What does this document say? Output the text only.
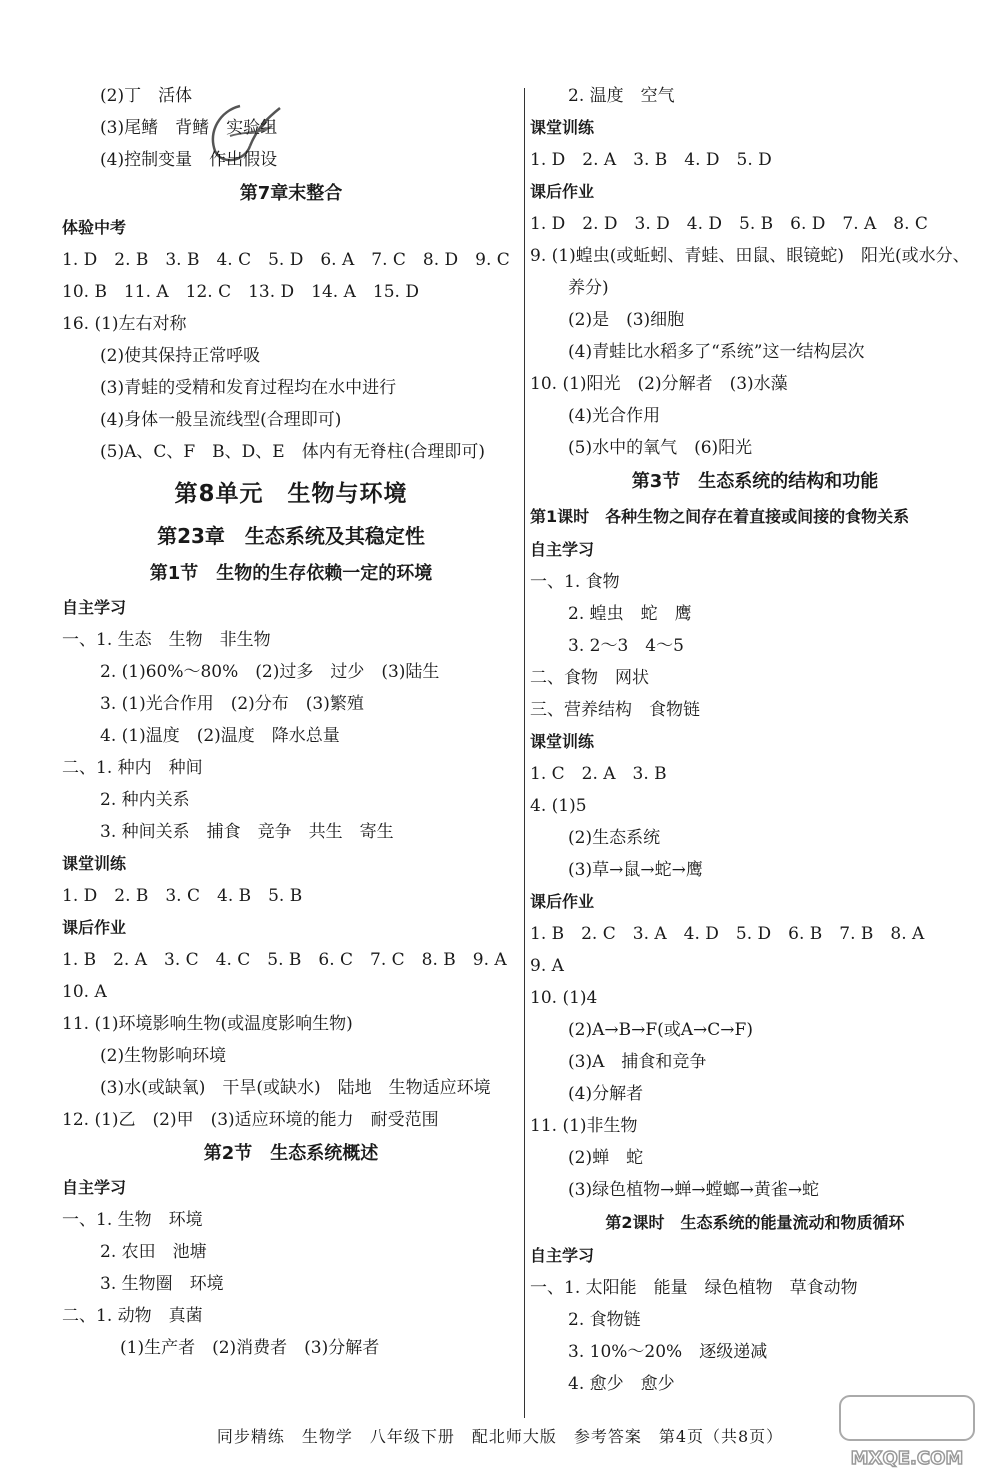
(2)丁　活体
(3)尾鳍　背鳍　实验组
(4)控制变量　作出假设
第7章末整合
体验中考
1. D　2. B　3. B　4. C　5. D　6. A　7. C　8. D　9. C
10. B　11. A　12. C　13. D　14. A　15. D
16. (1)左右对称
(2)使其保持正常呼吸
(3)青蛙的受精和发育过程均在水中进行
(4)身体一般呈流线型(合理即可)
(5)A、C、F　B、D、E　体内有无脊柱(合理即可)
第8单元　生物与环境
第23章　生态系统及其稳定性
第1节　生物的生存依赖一定的环境
自主学习
一、1. 生态　生物　非生物
2. (1)60%～80%　(2)过多　过少　(3)陆生
3. (1)光合作用　(2)分布　(3)繁殖
4. (1)温度　(2)温度　降水总量
二、1. 种内　种间
2. 种内关系
3. 种间关系　捕食　竞争　共生　寄生
课堂训练
1. D　2. B　3. C　4. B　5. B
课后作业
1. B　2. A　3. C　4. C　5. B　6. C　7. C　8. B　9. A
10. A
11. (1)环境影响生物(或温度影响生物)
(2)生物影响环境
(3)水(或缺氧)　干旱(或缺水)　陆地　生物适应环境
12. (1)乙　(2)甲　(3)适应环境的能力　耐受范围
第2节　生态系统概述
自主学习
一、1. 生物　环境
2. 农田　池塘
3. 生物圈　环境
二、1. 动物　真菌
(1)生产者　(2)消费者　(3)分解者
2. 温度　空气
课堂训练
1. D　2. A　3. B　4. D　5. D
课后作业
1. D　2. D　3. D　4. D　5. B　6. D　7. A　8. C
9. (1)蝗虫(或蚯蚓、青蛙、田鼠、眼镜蛇)　阳光(或水分、
养分)
(2)是　(3)细胞
(4)青蛙比水稻多了“系统”这一结构层次
10. (1)阳光　(2)分解者　(3)水藻
(4)光合作用
(5)水中的氧气　(6)阳光
第3节　生态系统的结构和功能
第1课时　各种生物之间存在着直接或间接的食物关系
自主学习
一、1. 食物
2. 蝗虫　蛇　鹰
3. 2～3　4～5
二、食物　网状
三、营养结构　食物链
课堂训练
1. C　2. A　3. B
4. (1)5
(2)生态系统
(3)草→鼠→蛇→鹰
课后作业
1. B　2. C　3. A　4. D　5. D　6. B　7. B　8. A
9. A
10. (1)4
(2)A→B→F(或A→C→F)
(3)A　捕食和竞争
(4)分解者
11. (1)非生物
(2)蝉　蛇
(3)绿色植物→蝉→螳螂→黄雀→蛇
第2课时　生态系统的能量流动和物质循环
自主学习
一、1. 太阳能　能量　绿色植物　草食动物
2. 食物链
3. 10%～20%　逐级递减
4. 愈少　愈少
同步精练　生物学　八年级下册　配北师大版　参考答案　第4页（共8页）
MXQE.COM
